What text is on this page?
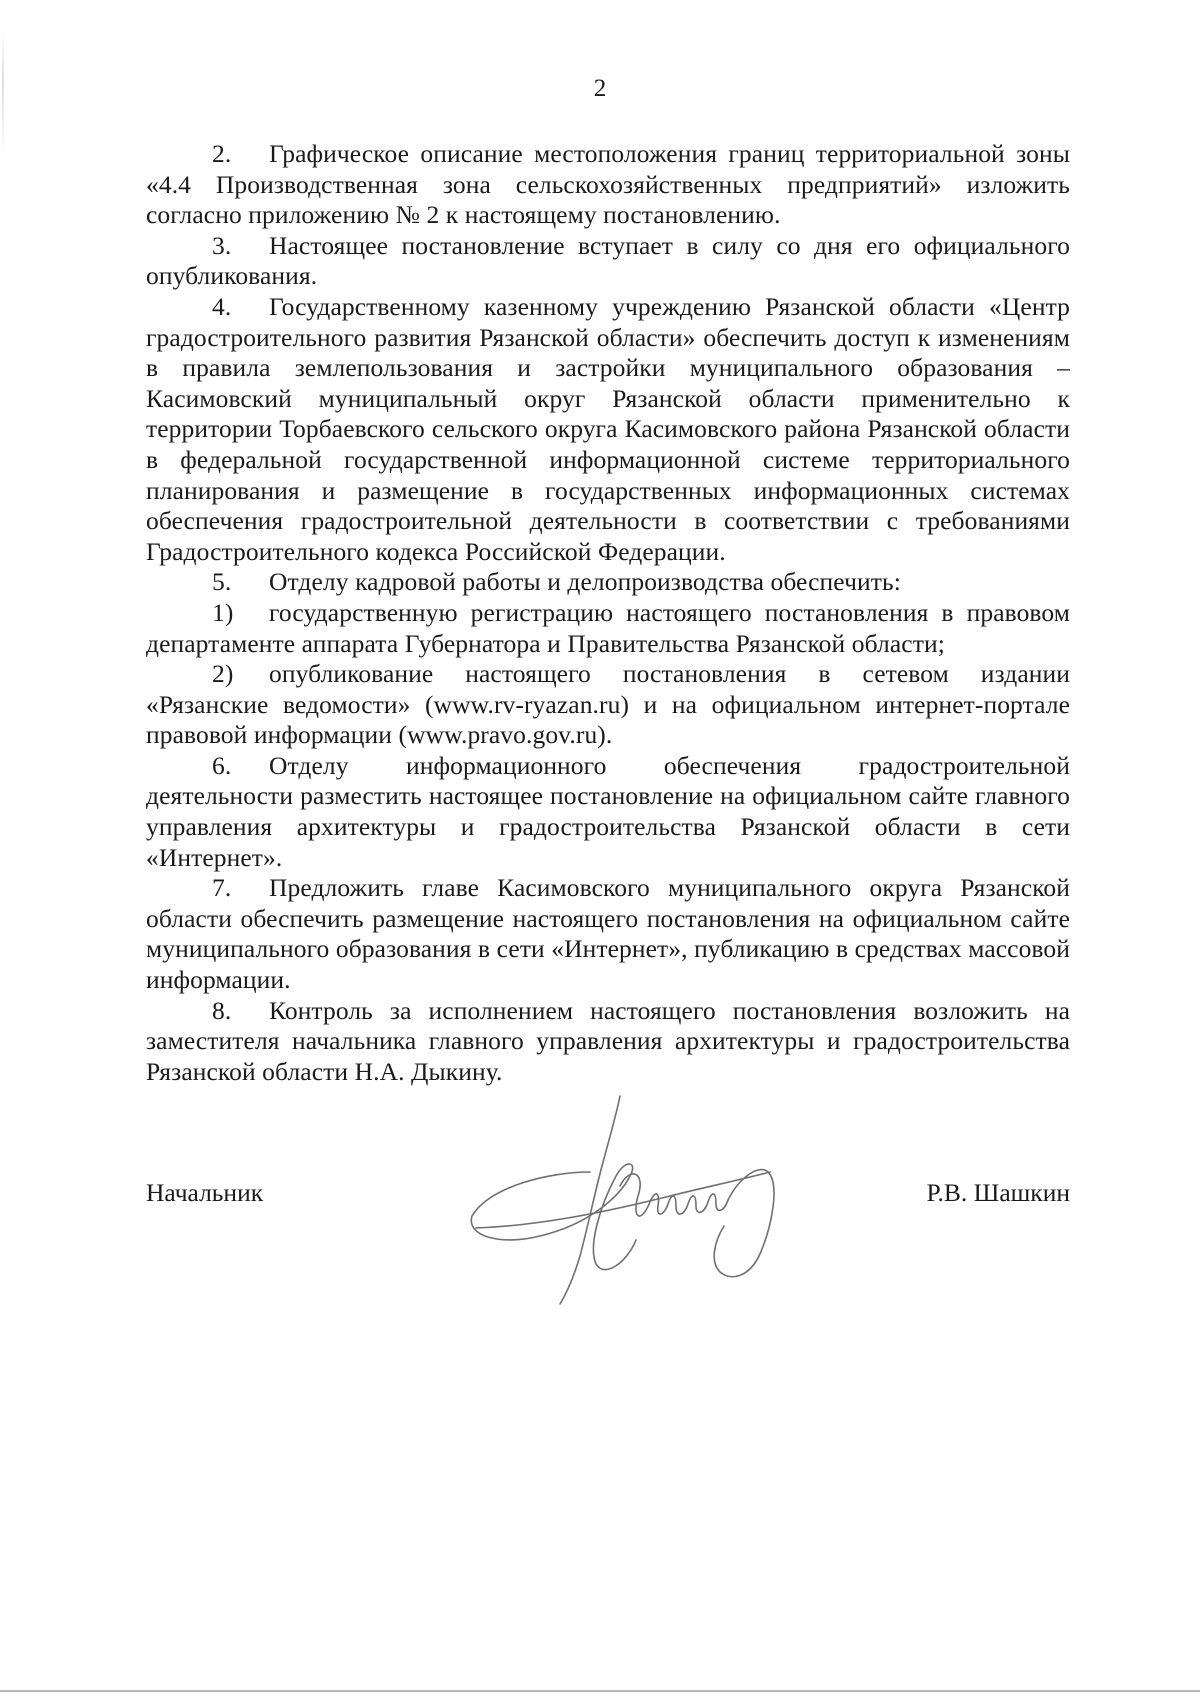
2

2. Графическое описание местоположения границ территориальной зоны «4.4 Производственная зона сельскохозяйственных предприятий» изложить согласно приложению № 2 к настоящему постановлению.

3. Настоящее постановление вступает в силу со дня его официального опубликования.

4. Государственному казенному учреждению Рязанской области «Центр градостроительного развития Рязанской области» обеспечить доступ к изменениям в правила землепользования и застройки муниципального образования – Касимовский муниципальный округ Рязанской области применительно к территории Торбаевского сельского округа Касимовского района Рязанской области в федеральной государственной информационной системе территориального планирования и размещение в государственных информационных системах обеспечения градостроительной деятельности в соответствии с требованиями Градостроительного кодекса Российской Федерации.

5. Отделу кадровой работы и делопроизводства обеспечить:

1) государственную регистрацию настоящего постановления в правовом департаменте аппарата Губернатора и Правительства Рязанской области;

2) опубликование настоящего постановления в сетевом издании «Рязанские ведомости» (www.rv-ryazan.ru) и на официальном интернет-портале правовой информации (www.pravo.gov.ru).

6. Отделу информационного обеспечения градостроительной деятельности разместить настоящее постановление на официальном сайте главного управления архитектуры и градостроительства Рязанской области в сети «Интернет».

7. Предложить главе Касимовского муниципального округа Рязанской области обеспечить размещение настоящего постановления на официальном сайте муниципального образования в сети «Интернет», публикацию в средствах массовой информации.

8. Контроль за исполнением настоящего постановления возложить на заместителя начальника главного управления архитектуры и градостроительства Рязанской области Н.А. Дыкину.

Начальник	Р.В. Шашкин
